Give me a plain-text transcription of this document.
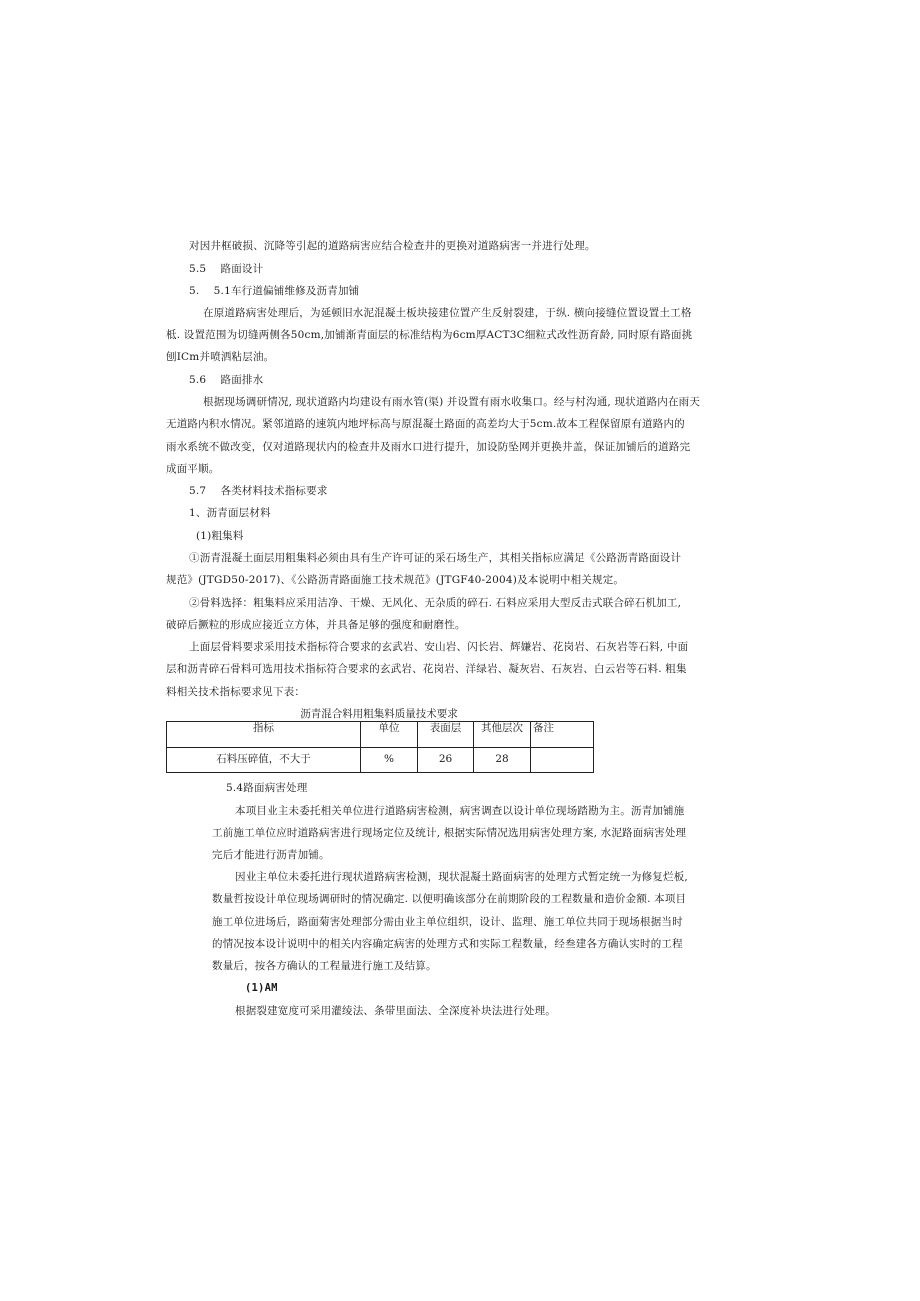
对因井框破损、沉降等引起的道路病害应结合检查井的更换对道路病害一并进行处理。
5.5　 路面设计
5.　 5.1车行道偏铺维修及沥青加铺
在原道路病害处理后，为延顿旧水泥混凝土板块接建位置产生反射裂建，于纵. 横向接缝位置设置土工格
柢. 设置范围为切缝两侧各50cm,加铺渐青面层的标准结构为6cm厚ACT3C细粒式改性沥育龄, 同时原有路面挑
刨ICm并喷洒粘层油。
5.6　 路面排水
根据现场调研情况, 现状道路内均建设有雨水管(渠) 并设置有雨水收集口。经与村沟通, 现状道路内在雨天
无道路内积水情况。紧邻道路的速筑内地坪标高与原混凝土路面的高差均大于5cm.故本工程保留原有道路内的
雨水系统不做改变，仅对道路现状内的检查井及雨水口进行提升，加设防坠网并更换井盖，保证加铺后的道路完
成面平顺。
5.7　 各类材料技术指标要求
1、沥青面层材料
(1)粗集料
①沥青混凝土面层用粗集料必须由具有生产许可证的采石场生产，其相关指标应满足《公路沥青路面设计
规范》(JTGD50-2017)、《公路沥青路面施工技术规范》(JTGF40-2004)及本说明中相关规定。
②骨料选择：粗集料应采用洁净、干燥、无风化、无杂质的碎石. 石料应采用大型反击式联合碎石机加工,
破碎后撅粒的形成应接近立方体，并具备足够的强度和耐磨性。
上面层骨料要求采用技术指标符合要求的玄武岩、安山岩、闪长岩、辉嫌岩、花岗岩、石灰岩等石料, 中面
层和沥青碎石骨料可选用技术指标符合要求的玄武岩、花岗岩、洋绿岩、凝灰岩、石灰岩、白云岩等石料. 粗集
料相关技术指标要求见下表：
沥青混合料用粗集料质量技术要求
指标	单位	表面层	其他层次	备注
石料压碎值，不大于	%	26	28	
5.4路面病害处理
本项目业主未委托相关单位进行道路病害检测，病害调查以设计单位现场踏勘为主。沥青加铺施
工前施工单位应时道路病害进行现场定位及统计, 根据实际情况选用病害处理方案, 水泥路面病害处理
完后才能进行沥青加铺。
因业主单位未委托进行现状道路病害检测，现状混凝土路面病害的处理方式暂定统一为修复烂板,
数量哲按设计单位现场调研时的情况确定. 以便明确该部分在前期阶段的工程数量和造价金额. 本项目
施工单位进场后，路面菊害处理部分需由业主单位组织，设计、监理、施工单位共同于现场根据当时
的情况按本设计说明中的相关内容确定病害的处理方式和实际工程数量，经叁建各方确认实时的工程
数量后，按各方确认的工程量进行施工及结算。
(1)AM
根据裂建宽度可采用灌绫法、条带里面法、全深度补块法进行处理。
